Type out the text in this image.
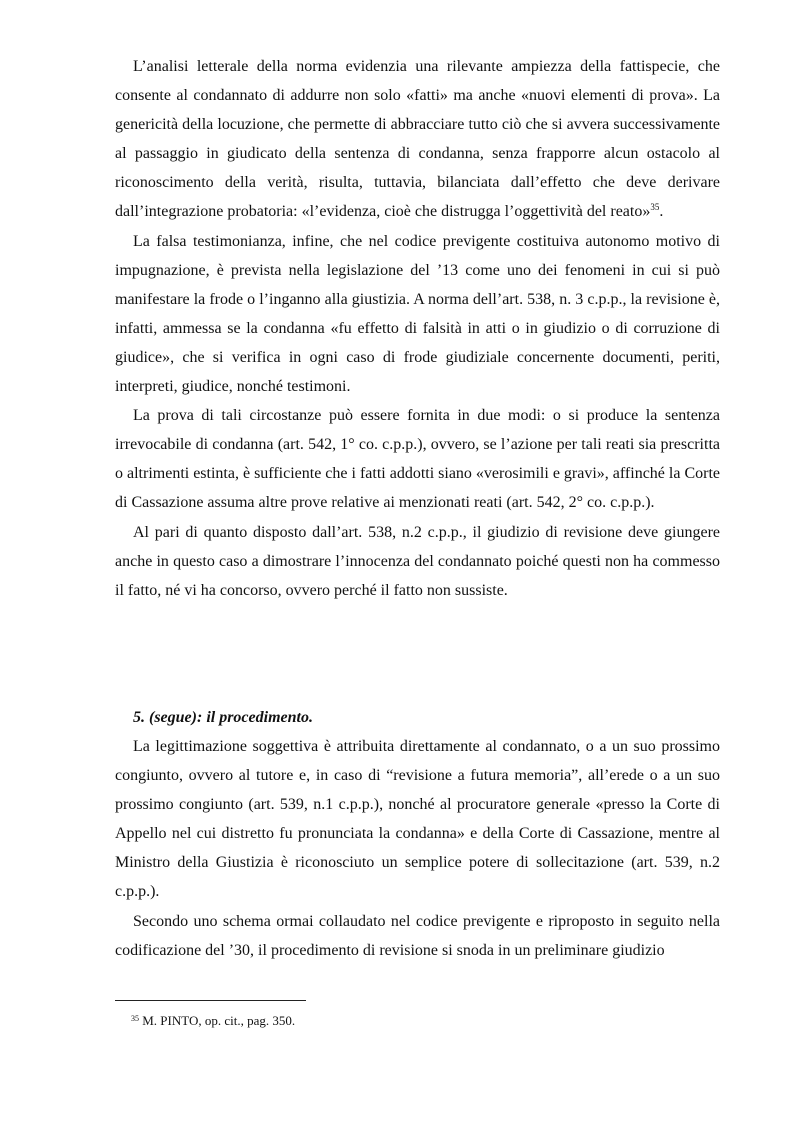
L’analisi letterale della norma evidenzia una rilevante ampiezza della fattispecie, che consente al condannato di addurre non solo «fatti» ma anche «nuovi elementi di prova». La genericità della locuzione, che permette di abbracciare tutto ciò che si avvera successivamente al passaggio in giudicato della sentenza di condanna, senza frapporre alcun ostacolo al riconoscimento della verità, risulta, tuttavia, bilanciata dall’effetto che deve derivare dall’integrazione probatoria: «l’evidenza, cioè che distrugga l’oggettività del reato»$^{35}$.

La falsa testimonianza, infine, che nel codice previgente costituiva autonomo motivo di impugnazione, è prevista nella legislazione del ’13 come uno dei fenomeni in cui si può manifestare la frode o l’inganno alla giustizia. A norma dell’art. 538, n. 3 c.p.p., la revisione è, infatti, ammessa se la condanna «fu effetto di falsità in atti o in giudizio o di corruzione di giudice», che si verifica in ogni caso di frode giudiziale concernente documenti, periti, interpreti, giudice, nonché testimoni.

La prova di tali circostanze può essere fornita in due modi: o si produce la sentenza irrevocabile di condanna (art. 542, 1° co. c.p.p.), ovvero, se l’azione per tali reati sia prescritta o altrimenti estinta, è sufficiente che i fatti addotti siano «verosimili e gravi», affinché la Corte di Cassazione assuma altre prove relative ai menzionati reati (art. 542, 2° co. c.p.p.).

Al pari di quanto disposto dall’art. 538, n.2 c.p.p., il giudizio di revisione deve giungere anche in questo caso a dimostrare l’innocenza del condannato poiché questi non ha commesso il fatto, né vi ha concorso, ovvero perché il fatto non sussiste.

5. (segue): il procedimento.

La legittimazione soggettiva è attribuita direttamente al condannato, o a un suo prossimo congiunto, ovvero al tutore e, in caso di “revisione a futura memoria”, all’erede o a un suo prossimo congiunto (art. 539, n.1 c.p.p.), nonché al procuratore generale «presso la Corte di Appello nel cui distretto fu pronunciata la condanna» e della Corte di Cassazione, mentre al Ministro della Giustizia è riconosciuto un semplice potere di sollecitazione (art. 539, n.2 c.p.p.).

Secondo uno schema ormai collaudato nel codice previgente e riproposto in seguito nella codificazione del ’30, il procedimento di revisione si snoda in un preliminare giudizio

$^{35}$ M. PINTO, op. cit., pag. 350.
